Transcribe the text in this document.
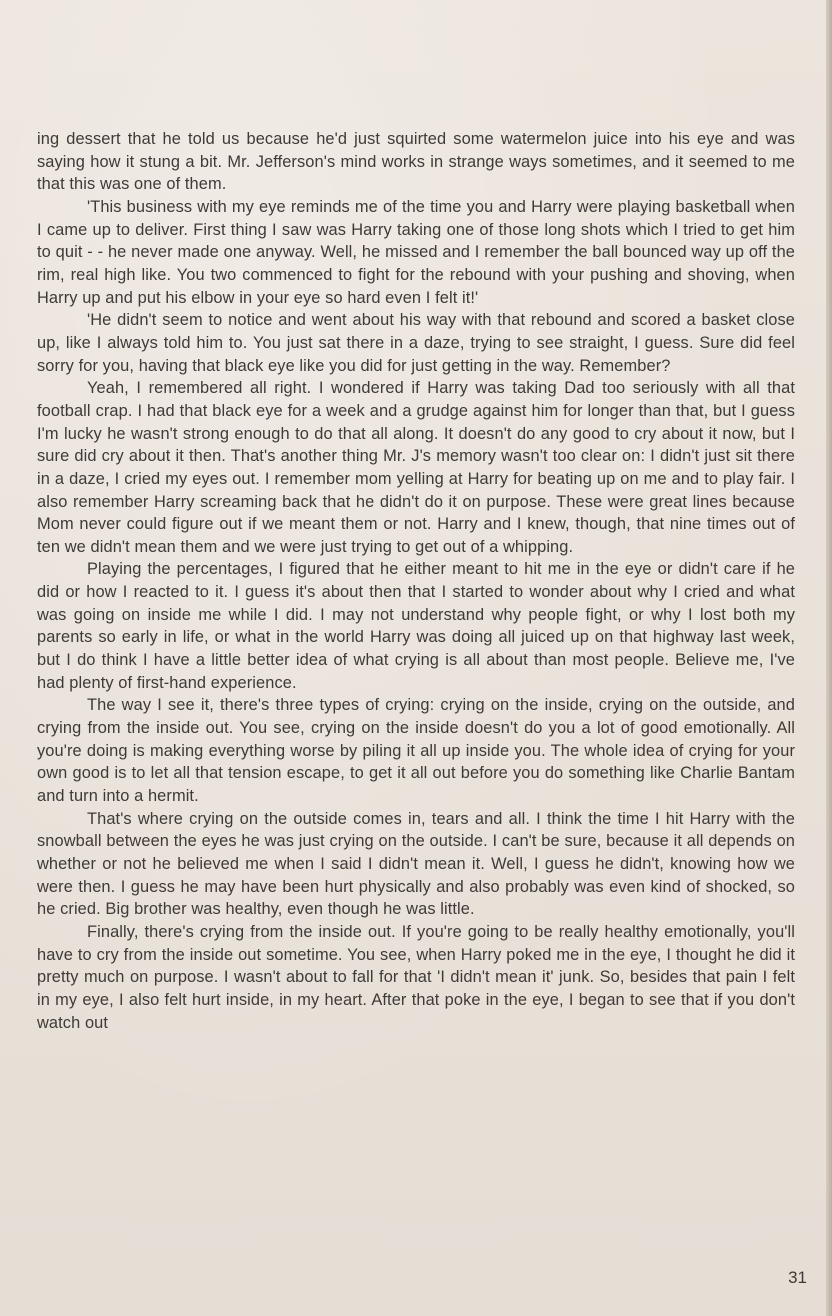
ing dessert that he told us because he'd just squirted some watermelon juice into his eye and was saying how it stung a bit. Mr. Jefferson's mind works in strange ways sometimes, and it seemed to me that this was one of them.

'This business with my eye reminds me of the time you and Harry were playing basketball when I came up to deliver. First thing I saw was Harry taking one of those long shots which I tried to get him to quit - - he never made one anyway. Well, he missed and I remember the ball bounced way up off the rim, real high like. You two commenced to fight for the rebound with your pushing and shoving, when Harry up and put his elbow in your eye so hard even I felt it!'

'He didn't seem to notice and went about his way with that rebound and scored a basket close up, like I always told him to. You just sat there in a daze, trying to see straight, I guess. Sure did feel sorry for you, having that black eye like you did for just getting in the way. Remember?

Yeah, I remembered all right. I wondered if Harry was taking Dad too seriously with all that football crap. I had that black eye for a week and a grudge against him for longer than that, but I guess I'm lucky he wasn't strong enough to do that all along. It doesn't do any good to cry about it now, but I sure did cry about it then. That's another thing Mr. J's memory wasn't too clear on: I didn't just sit there in a daze, I cried my eyes out. I remember mom yelling at Harry for beating up on me and to play fair. I also remember Harry screaming back that he didn't do it on purpose. These were great lines because Mom never could figure out if we meant them or not. Harry and I knew, though, that nine times out of ten we didn't mean them and we were just trying to get out of a whipping.

Playing the percentages, I figured that he either meant to hit me in the eye or didn't care if he did or how I reacted to it. I guess it's about then that I started to wonder about why I cried and what was going on inside me while I did. I may not understand why people fight, or why I lost both my parents so early in life, or what in the world Harry was doing all juiced up on that highway last week, but I do think I have a little better idea of what crying is all about than most people. Believe me, I've had plenty of first-hand experience.

The way I see it, there's three types of crying: crying on the inside, crying on the outside, and crying from the inside out. You see, crying on the inside doesn't do you a lot of good emotionally. All you're doing is making everything worse by piling it all up inside you. The whole idea of crying for your own good is to let all that tension escape, to get it all out before you do something like Charlie Bantam and turn into a hermit.

That's where crying on the outside comes in, tears and all. I think the time I hit Harry with the snowball between the eyes he was just crying on the outside. I can't be sure, because it all depends on whether or not he believed me when I said I didn't mean it. Well, I guess he didn't, knowing how we were then. I guess he may have been hurt physically and also probably was even kind of shocked, so he cried. Big brother was healthy, even though he was little.

Finally, there's crying from the inside out. If you're going to be really healthy emotionally, you'll have to cry from the inside out sometime. You see, when Harry poked me in the eye, I thought he did it pretty much on purpose. I wasn't about to fall for that 'I didn't mean it' junk. So, besides that pain I felt in my eye, I also felt hurt inside, in my heart. After that poke in the eye, I began to see that if you don't watch out

31
